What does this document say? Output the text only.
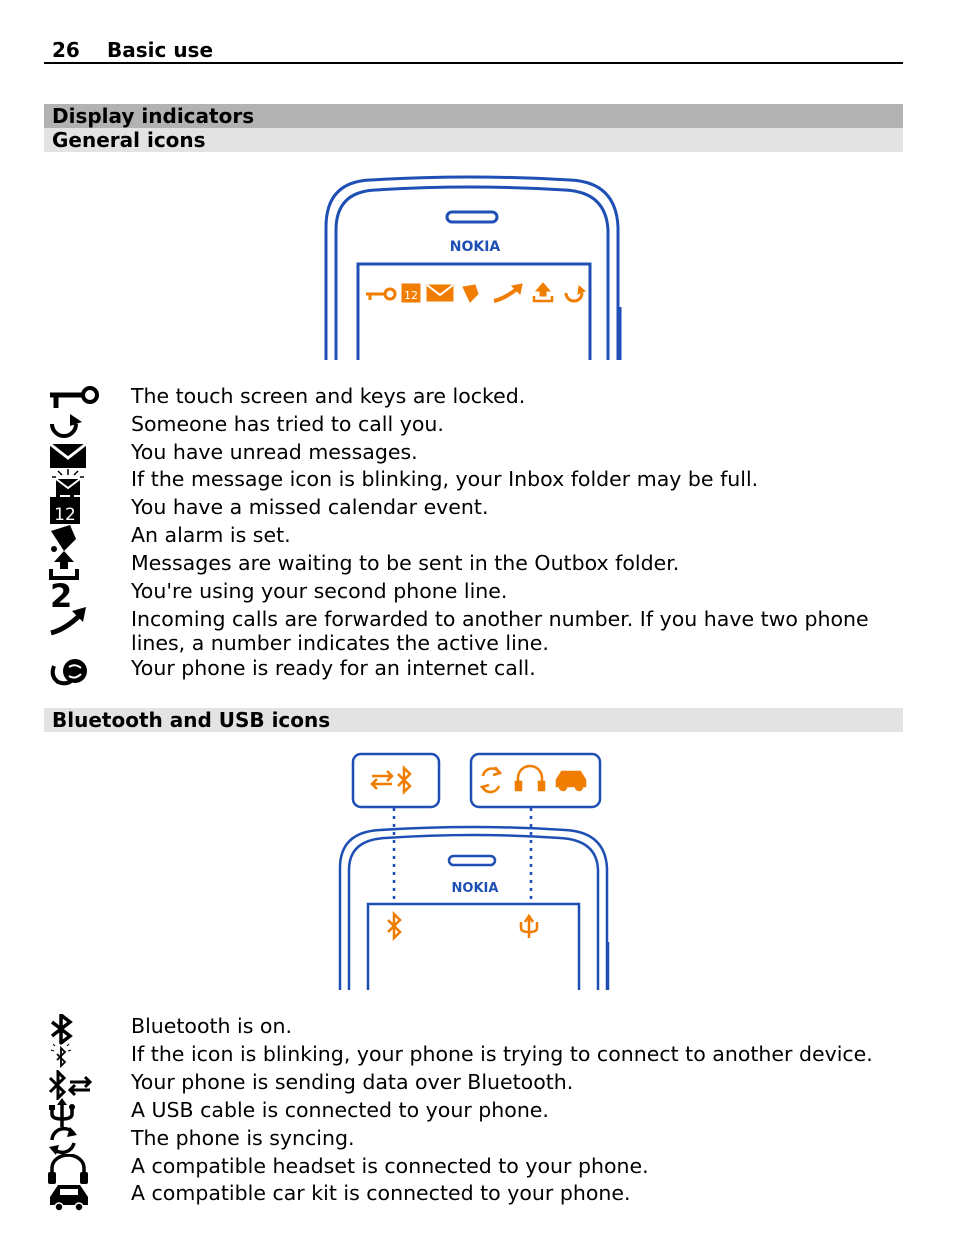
26 Basic use
Display indicators
General icons
NOKIA
12
The touch screen and keys are locked.
Someone has tried to call you.
You have unread messages.
If the message icon is blinking, your Inbox folder may be full.
12	You have a missed calendar event.
An alarm is set.
Messages are waiting to be sent in the Outbox folder.
2	You're using your second phone line.
Incoming calls are forwarded to another number. If you have two phone lines, a number indicates the active line.
Your phone is ready for an internet call.
Bluetooth and USB icons
NOKIA
Bluetooth is on.
If the icon is blinking, your phone is trying to connect to another device.
Your phone is sending data over Bluetooth.
A USB cable is connected to your phone.
The phone is syncing.
A compatible headset is connected to your phone.
A compatible car kit is connected to your phone.
